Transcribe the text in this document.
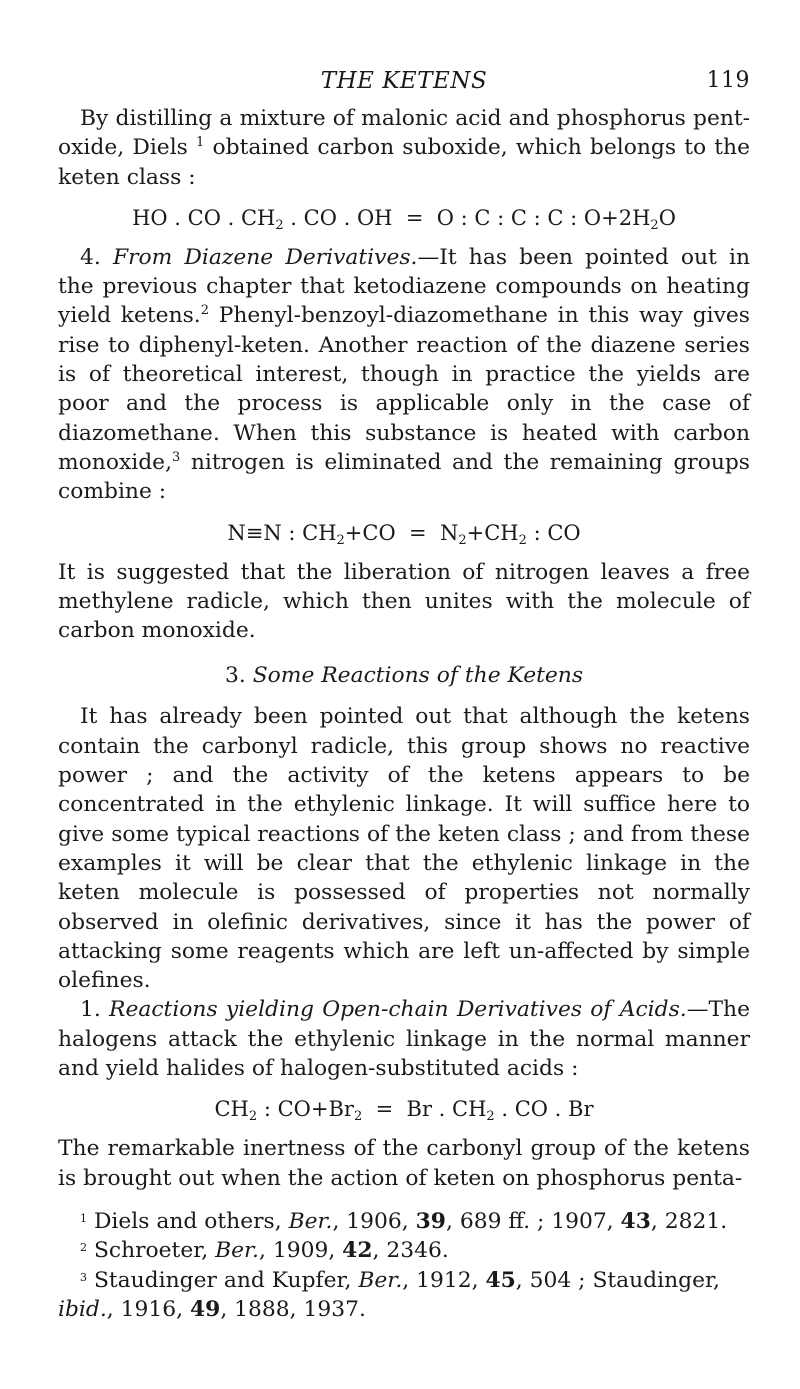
THE KETENS	119

By distilling a mixture of malonic acid and phosphorus pent-oxide, Diels $^1$ obtained carbon suboxide, which belongs to the keten class :

HO . CO . $CH_2$ . CO . OH  =  O : C : C : C : $O+2H_2O$

4. From Diazene Derivatives.—It has been pointed out in the previous chapter that ketodiazene compounds on heating yield ketens.$^2$ Phenyl-benzoyl-diazomethane in this way gives rise to diphenyl-keten. Another reaction of the diazene series is of theoretical interest, though in practice the yields are poor and the process is applicable only in the case of diazomethane. When this substance is heated with carbon monoxide,$^3$ nitrogen is eliminated and the remaining groups combine :

N≡N : $CH_2+CO = N_2+CH_2$ : CO

It is suggested that the liberation of nitrogen leaves a free methylene radicle, which then unites with the molecule of carbon monoxide.

3. Some Reactions of the Ketens

It has already been pointed out that although the ketens contain the carbonyl radicle, this group shows no reactive power ; and the activity of the ketens appears to be concentrated in the ethylenic linkage. It will suffice here to give some typical reactions of the keten class ; and from these examples it will be clear that the ethylenic linkage in the keten molecule is possessed of properties not normally observed in olefinic derivatives, since it has the power of attacking some reagents which are left un-affected by simple olefines.

1. Reactions yielding Open-chain Derivatives of Acids.—The halogens attack the ethylenic linkage in the normal manner and yield halides of halogen-substituted acids :

$CH_2$ : $CO+Br_2 = Br$ . $CH_2$ . CO . Br

The remarkable inertness of the carbonyl group of the ketens is brought out when the action of keten on phosphorus penta-

$^1$ Diels and others, Ber., 1906, 39, 689 ff. ; 1907, 43, 2821.

$^2$ Schroeter, Ber., 1909, 42, 2346.

$^3$ Staudinger and Kupfer, Ber., 1912, 45, 504 ; Staudinger, ibid., 1916, 49, 1888, 1937.
